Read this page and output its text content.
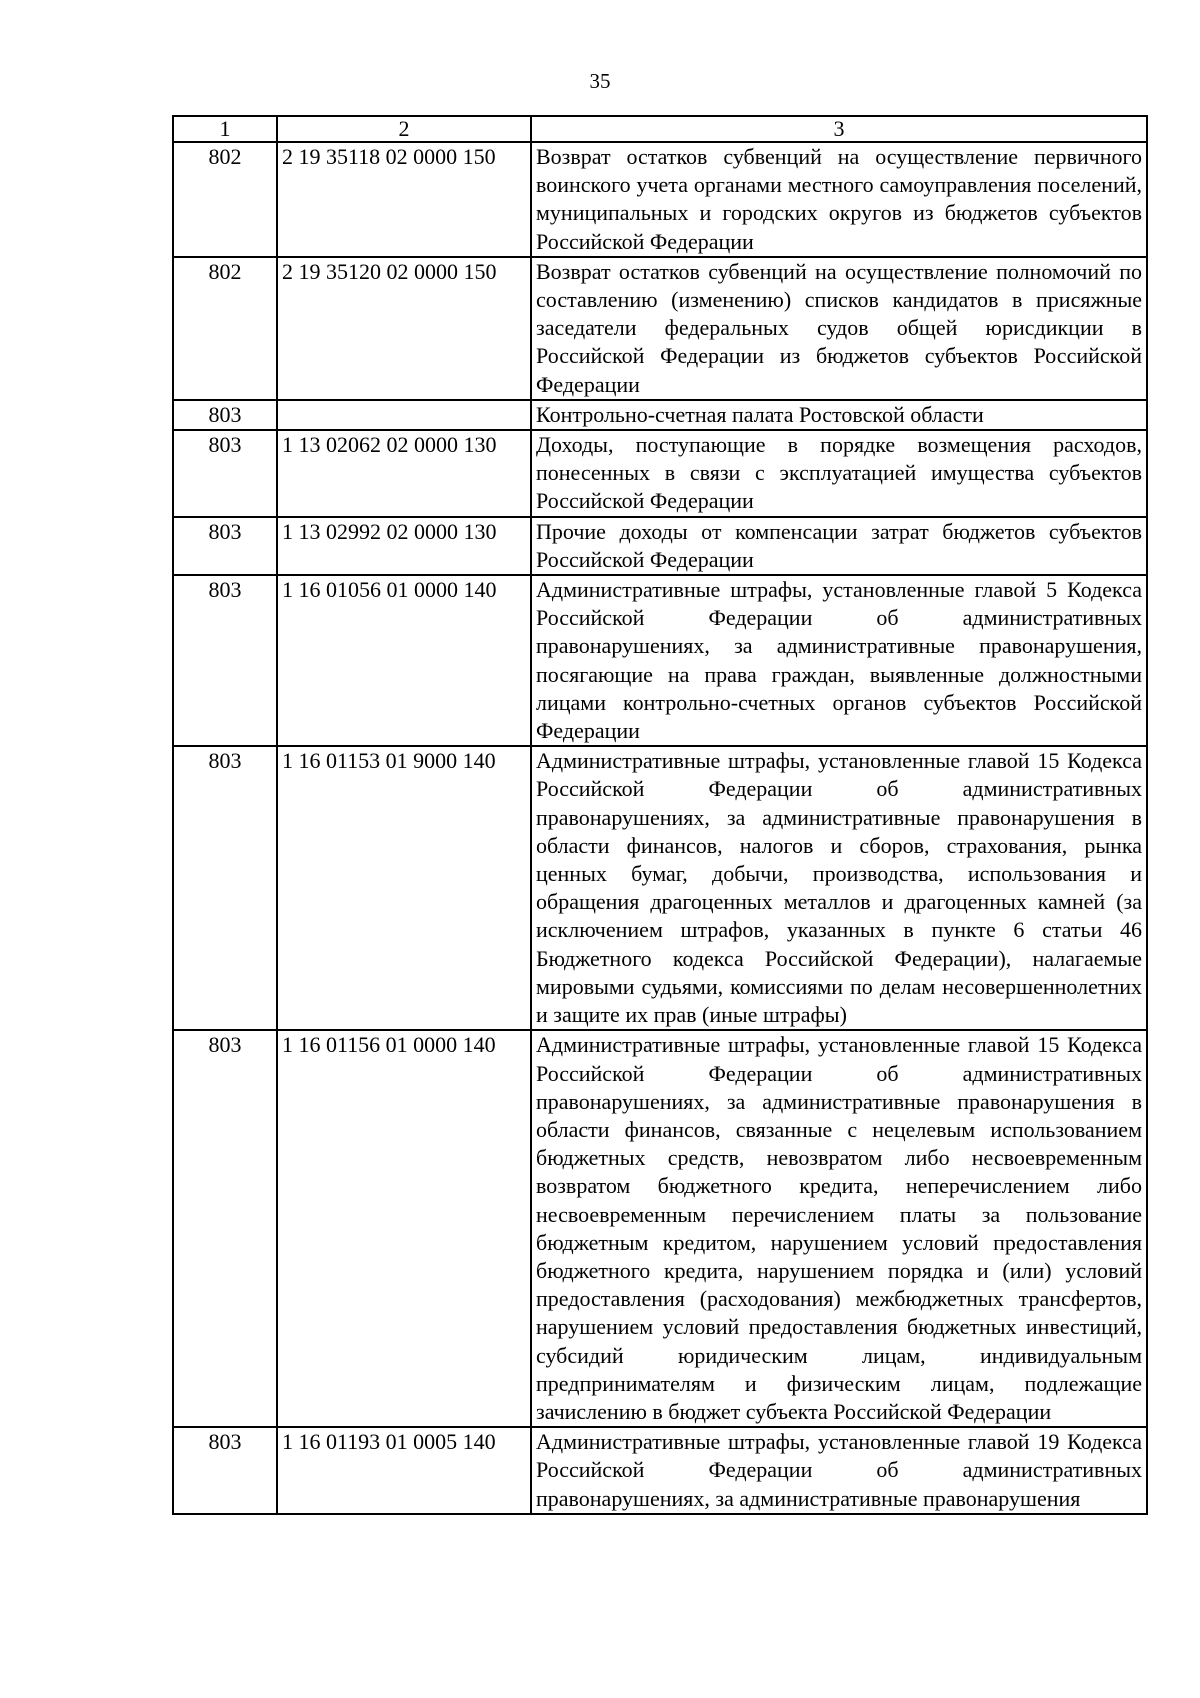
35
1	2	3
802	2 19 35118 02 0000 150	Возврат остатков субвенций на осуществление первичного воинского учета органами местного самоуправления поселений, муниципальных и городских округов из бюджетов субъектов Российской Федерации
802	2 19 35120 02 0000 150	Возврат остатков субвенций на осуществление полномочий по составлению (изменению) списков кандидатов в присяжные заседатели федеральных судов общей юрисдикции в Российской Федерации из бюджетов субъектов Российской Федерации
803		Контрольно-счетная палата Ростовской области
803	1 13 02062 02 0000 130	Доходы, поступающие в порядке возмещения расходов, понесенных в связи с эксплуатацией имущества субъектов Российской Федерации
803	1 13 02992 02 0000 130	Прочие доходы от компенсации затрат бюджетов субъектов Российской Федерации
803	1 16 01056 01 0000 140	Административные штрафы, установленные главой 5 Кодекса Российской Федерации об административных правонарушениях, за административные правонарушения, посягающие на права граждан, выявленные должностными лицами контрольно-счетных органов субъектов Российской Федерации
803	1 16 01153 01 9000 140	Административные штрафы, установленные главой 15 Кодекса Российской Федерации об административных правонарушениях, за административные правонарушения в области финансов, налогов и сборов, страхования, рынка ценных бумаг, добычи, производства, использования и обращения драгоценных металлов и драгоценных камней (за исключением штрафов, указанных в пункте 6 статьи 46 Бюджетного кодекса Российской Федерации), налагаемые мировыми судьями, комиссиями по делам несовершеннолетних и защите их прав (иные штрафы)
803	1 16 01156 01 0000 140	Административные штрафы, установленные главой 15 Кодекса Российской Федерации об административных правонарушениях, за административные правонарушения в области финансов, связанные с нецелевым использованием бюджетных средств, невозвратом либо несвоевременным возвратом бюджетного кредита, неперечислением либо несвоевременным перечислением платы за пользование бюджетным кредитом, нарушением условий предоставления бюджетного кредита, нарушением порядка и (или) условий предоставления (расходования) межбюджетных трансфертов, нарушением условий предоставления бюджетных инвестиций, субсидий юридическим лицам, индивидуальным предпринимателям и физическим лицам, подлежащие зачислению в бюджет субъекта Российской Федерации
803	1 16 01193 01 0005 140	Административные штрафы, установленные главой 19 Кодекса Российской Федерации об административных правонарушениях, за административные правонарушения
